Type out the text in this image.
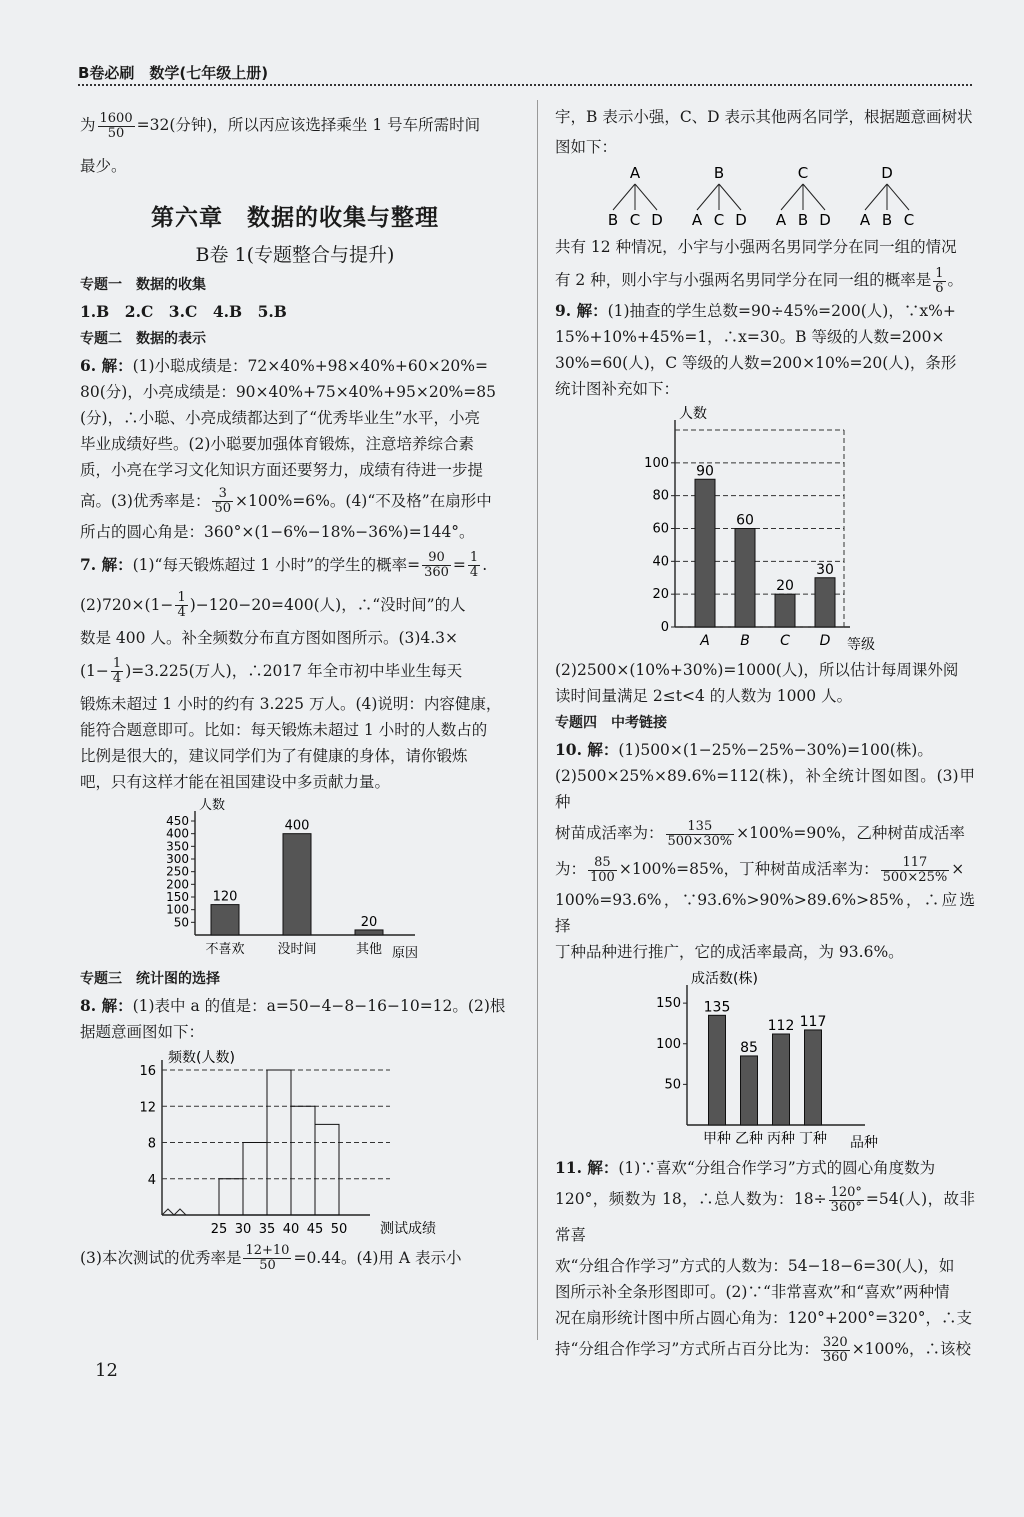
B卷必刷　数学(七年级上册)

为 $\frac{1600}{50} =32$(分钟)，所以丙应该选择乘坐 1 号车所需时间

最少。

第六章　数据的收集与整理
B卷 1(专题整合与提升)
专题一　数据的收集
1.B　2.C　3.C　4.B　5.B
专题二　数据的表示

6. 解：(1)小聪成绩是：72×40%+98×40%+60×20%=

80(分)，小亮成绩是：90×40%+75×40%+95×20%=85

(分)，∴小聪、小亮成绩都达到了“优秀毕业生”水平，小亮

毕业成绩好些。(2)小聪要加强体育锻炼，注意培养综合素

质，小亮在学习文化知识方面还要努力，成绩有待进一步提

高。(3)优秀率是： $\frac{3}{50} \times 100\%=6\%$。(4)“不及格”在扇形中

所占的圆心角是：360°×(1−6%−18%−36%)=144°。

7. 解：(1)“每天锻炼超过 1 小时”的学生的概率= $\frac{90}{360} = \frac{1}{4}$ .

$(2)720\times(1- \frac{1}{4} )-120-20=400$(人)，∴“没时间”的人

数是 400 人。补全频数分布直方图如图所示。(3)4.3×

$(1- \frac{1}{4} )=3.225$(万人)，∴2017 年全市初中毕业生每天

锻炼未超过 1 小时的约有 3.225 万人。(4)说明：内容健康，

能符合题意即可。比如：每天锻炼未超过 1 小时的人数占的

比例是很大的，建议同学们为了有健康的身体，请你锻炼

吧，只有这样才能在祖国建设中多贡献力量。

50
100
150
200
250
300
350
400
450
人数
原因
120
不喜欢
400
没时间
20
其他
专题三　统计图的选择

8. 解：(1)表中 a 的值是：a=50−4−8−16−10=12。(2)根

据题意画图如下：

4
8
12
16
频数(人数)
25 30 35 40 45 50 测试成绩

(3)本次测试的优秀率是 $\frac{12+10}{50} =0.44$。(4)用 A 表示小

宇，B 表示小强，C、D 表示其他两名同学，根据题意画树状

图如下：

A
B C D
B
A C D
C
A B D
D
A B C

共有 12 种情况，小宇与小强两名男同学分在同一组的情况

有 2 种，则小宇与小强两名男同学分在同一组的概率是 $\frac{1}{6}$ 。

9. 解：(1)抽查的学生总数=90÷45%=200(人)，∵x%+

15%+10%+45%=1，∴x=30。B 等级的人数=200×

30%=60(人)，C 等级的人数=200×10%=20(人)，条形

统计图补充如下：

0
20
40
60
80
100
人数
等级
90
A
60
B
20
C
30
D

(2)2500×(10%+30%)=1000(人)，所以估计每周课外阅

读时间量满足 2≤t<4 的人数为 1000 人。

专题四　中考链接

10. 解：(1)500×(1−25%−25%−30%)=100(株)。

(2)500×25%×89.6%=112(株)，补全统计图如图。(3)甲种

树苗成活率为： $\frac{135}{500\times 30\%} \times 100\%=90\%$，乙种树苗成活率

为： $\frac{85}{100} \times 100\%=85\%$，丁种树苗成活率为： $\frac{117}{500\times 25\%}$ ×

100%=93.6%，∵93.6%>90%>89.6%>85%，∴应选择

丁种品种进行推广，它的成活率最高，为 93.6%。

50
100
150
成活数(株)
品种
135
甲种
85
乙种
112
丙种
117
丁种

11. 解：(1)∵喜欢“分组合作学习”方式的圆心角度数为

120°，频数为 18，∴总人数为：$18\div \frac{120^\circ}{360^\circ} =54$(人)，故非常喜

欢“分组合作学习”方式的人数为：54−18−6=30(人)，如

图所示补全条形图即可。(2)∵“非常喜欢”和“喜欢”两种情

况在扇形统计图中所占圆心角为：120°+200°=320°，∴支

持“分组合作学习”方式所占百分比为： $\frac{320}{360} \times 100\%$，∴该校

12
